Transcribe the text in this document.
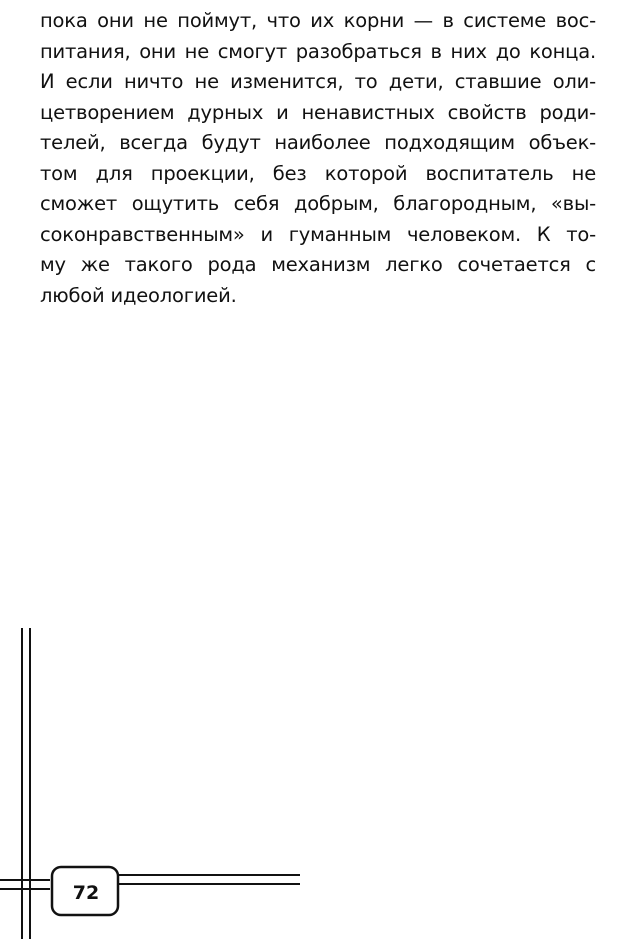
пока они не поймут, что их корни — в системе вос-
питания, они не смогут разобраться в них до конца.
И если ничто не изменится, то дети, ставшие оли-
цетворением дурных и ненавистных свойств роди-
телей, всегда будут наиболее подходящим объек-
том для проекции, без которой воспитатель не
сможет ощутить себя добрым, благородным, «вы-
соконравственным» и гуманным человеком. К то-
му же такого рода механизм легко сочетается с
любой идеологией.
72
